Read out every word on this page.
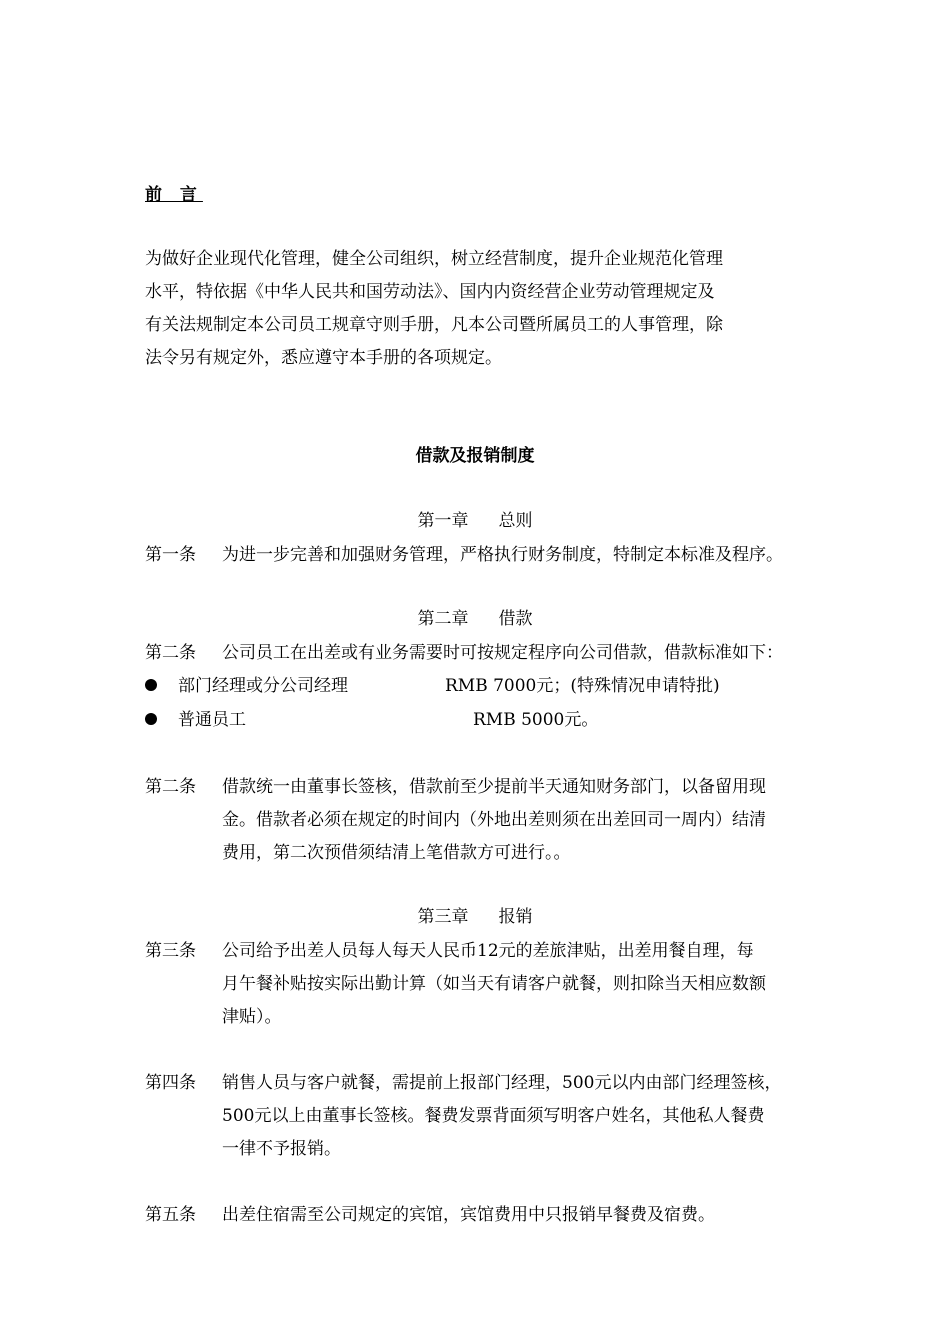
前 言
为做好企业现代化管理，健全公司组织，树立经营制度，提升企业规范化管理
水平，特依据《中华人民共和国劳动法》、国内内资经营企业劳动管理规定及
有关法规制定本公司员工规章守则手册，凡本公司暨所属员工的人事管理，除
法令另有规定外，悉应遵守本手册的各项规定。
借款及报销制度
第一章 总则
第一条 为进一步完善和加强财务管理，严格执行财务制度，特制定本标准及程序。
第二章 借款
第二条 公司员工在出差或有业务需要时可按规定程序向公司借款，借款标准如下：
部门经理或分公司经理	RMB 7000元；(特殊情况申请特批)
普通员工	RMB 5000元。
第二条 借款统一由董事长签核，借款前至少提前半天通知财务部门，以备留用现
金。借款者必须在规定的时间内（外地出差则须在出差回司一周内）结清
费用，第二次预借须结清上笔借款方可进行。。
第三章 报销
第三条 公司给予出差人员每人每天人民币12元的差旅津贴，出差用餐自理，每
月午餐补贴按实际出勤计算（如当天有请客户就餐，则扣除当天相应数额
津贴）。
第四条 销售人员与客户就餐，需提前上报部门经理，500元以内由部门经理签核，
500元以上由董事长签核。餐费发票背面须写明客户姓名，其他私人餐费
一律不予报销。
第五条 出差住宿需至公司规定的宾馆，宾馆费用中只报销早餐费及宿费。
